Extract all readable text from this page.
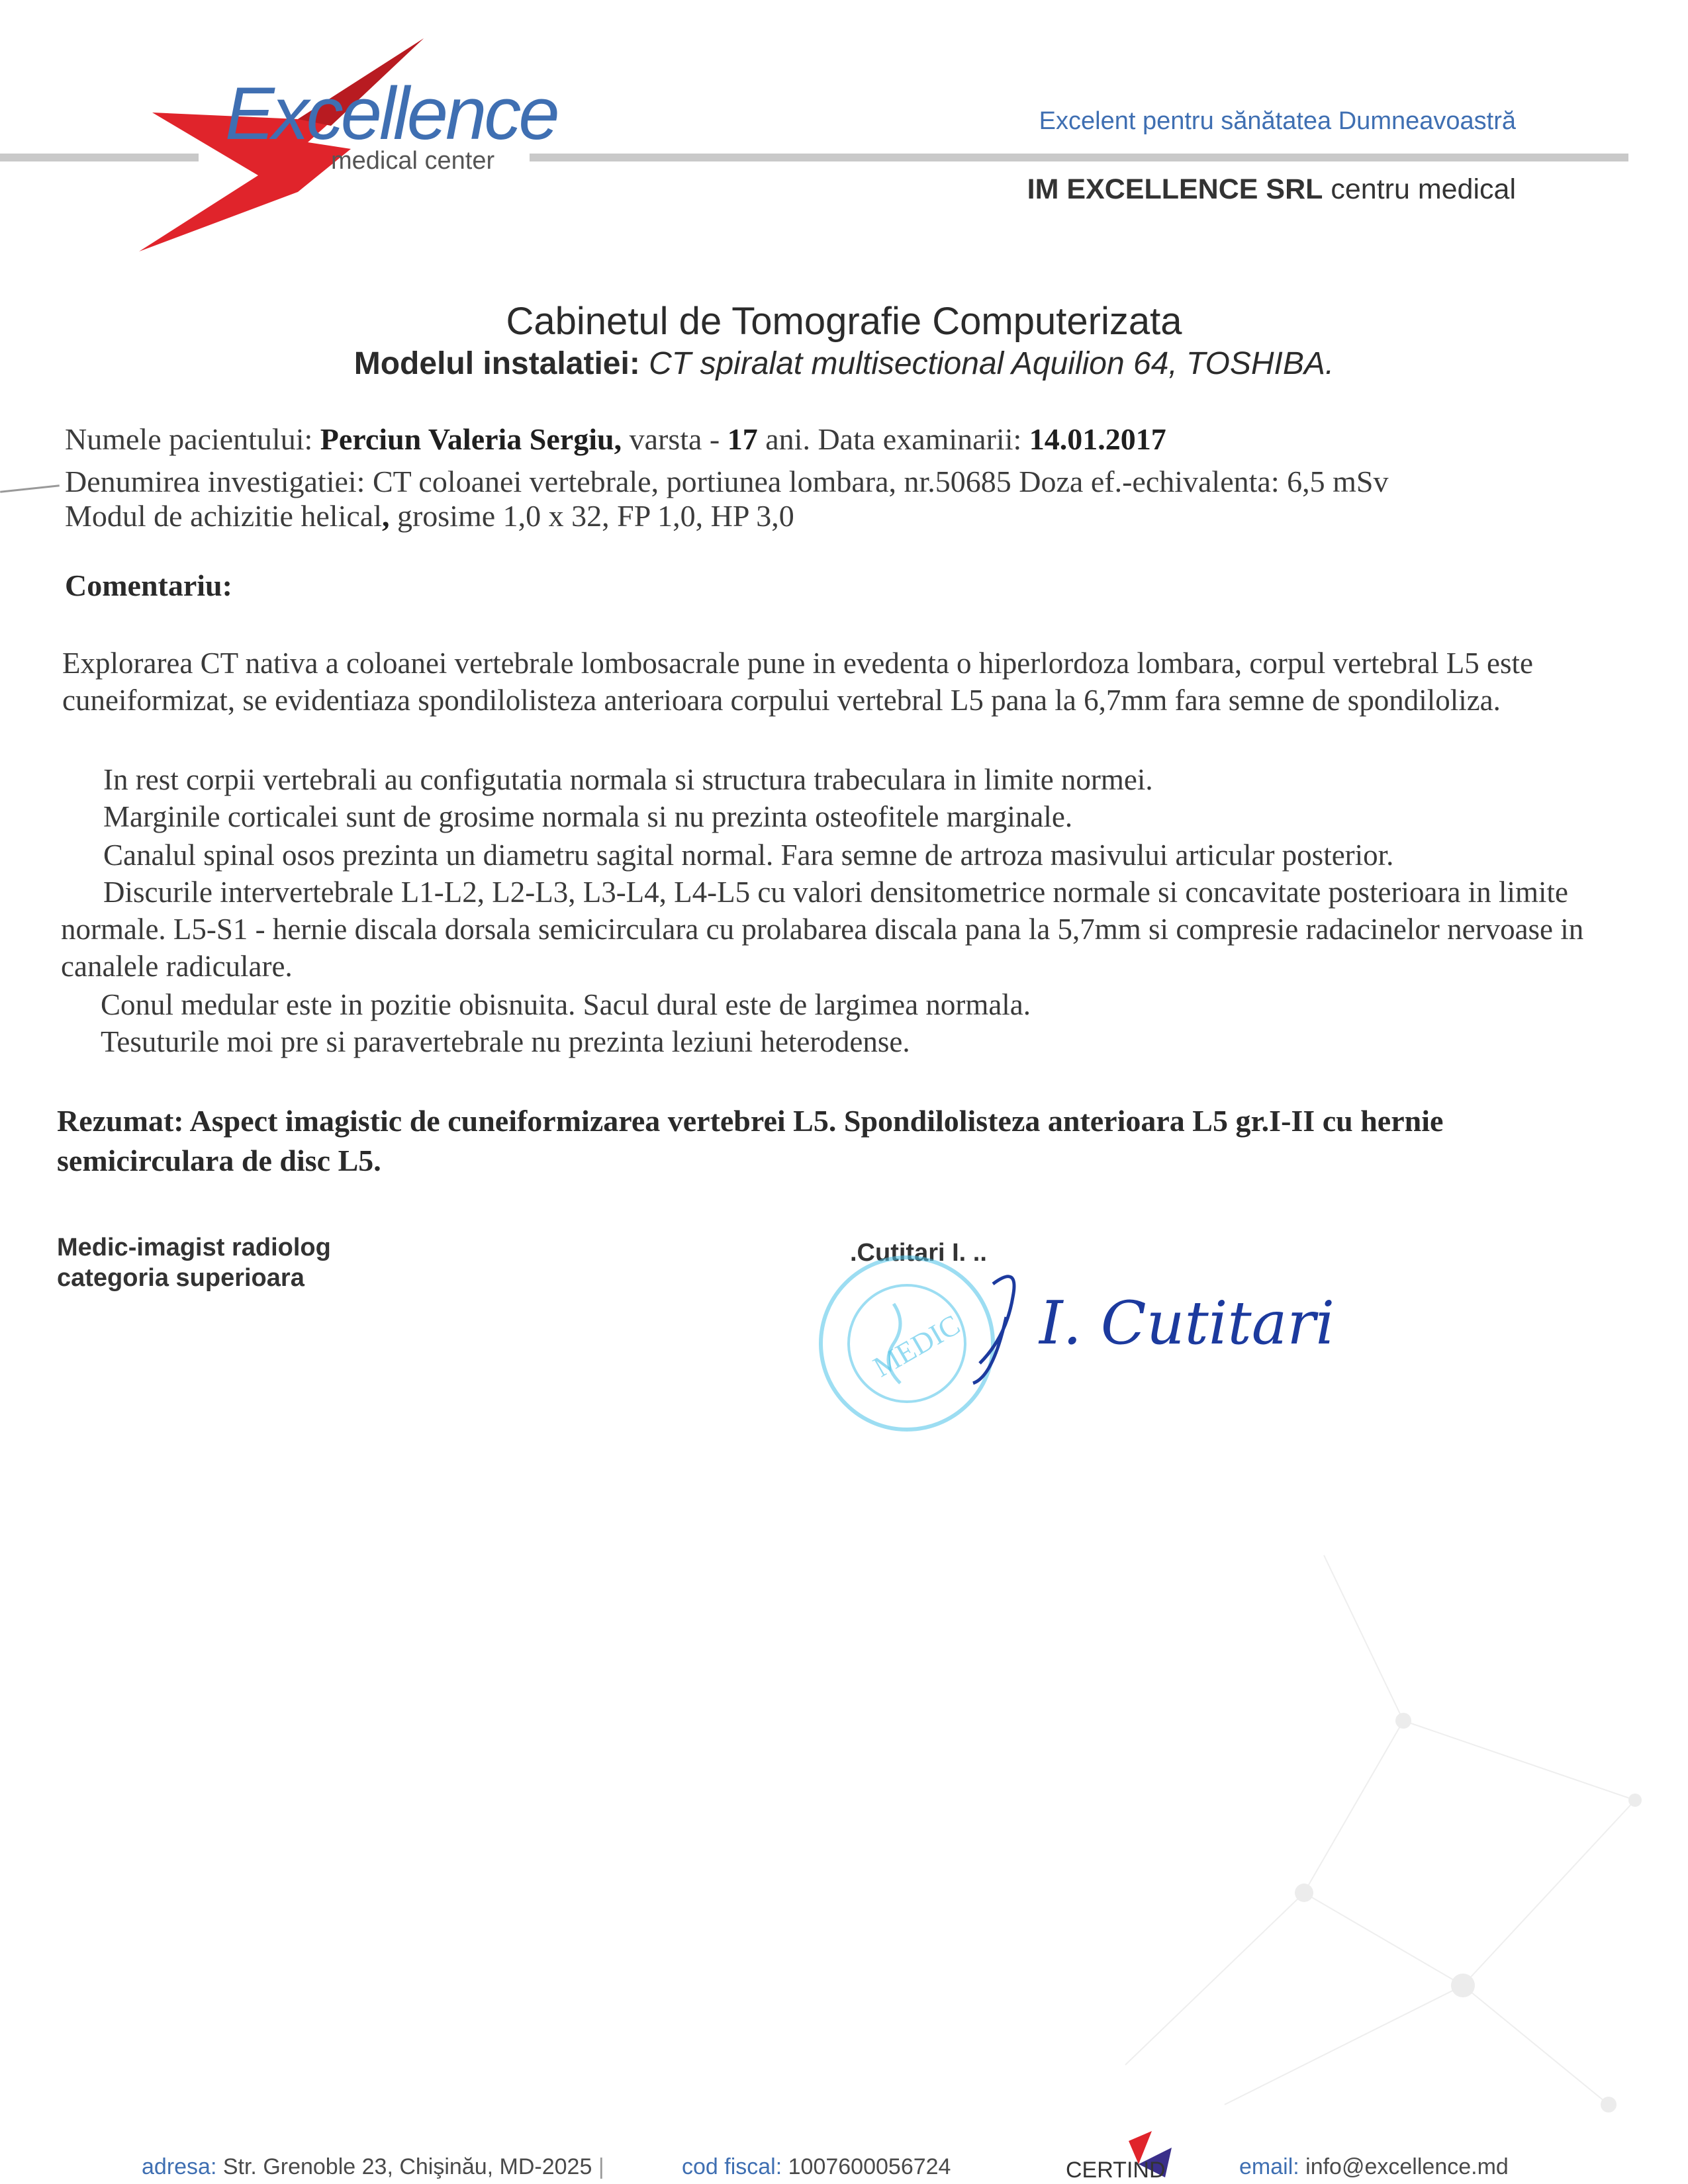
Excellence
medical center
Excelent pentru sănătatea Dumneavoastră
IM EXCELLENCE SRL centru medical
Cabinetul de Tomografie Computerizata
Modelul instalatiei: CT spiralat multisectional Aquilion 64, TOSHIBA.
Numele pacientului: Perciun Valeria Sergiu, varsta - 17 ani. Data examinarii: 14.01.2017
Denumirea investigatiei: CT coloanei vertebrale, portiunea lombara, nr.50685 Doza ef.-echivalenta: 6,5 mSv
Modul de achizitie helical, grosime 1,0 x 32, FP 1,0, HP 3,0
Comentariu:
Explorarea CT nativa a coloanei vertebrale lombosacrale pune in evedenta o hiperlordoza lombara, corpul vertebral L5 este cuneiformizat, se evidentiaza spondilolisteza anterioara corpului vertebral L5 pana la 6,7mm fara semne de spondiloliza.
In rest corpii vertebrali au configutatia normala si structura trabeculara in limite normei.
Marginile corticalei sunt de grosime normala si nu prezinta osteofitele marginale.
Canalul spinal osos prezinta un diametru sagital normal. Fara semne de artroza masivului articular posterior.
Discurile intervertebrale L1-L2, L2-L3, L3-L4, L4-L5 cu valori densitometrice normale si concavitate posterioara in limite normale. L5-S1 - hernie discala dorsala semicirculara cu prolabarea discala pana la 5,7mm si compresie radacinelor nervoase in canalele radiculare.
Conul medular este in pozitie obisnuita. Sacul dural este de largimea normala.
Tesuturile moi pre si paravertebrale nu prezinta leziuni heterodense.
Rezumat: Aspect imagistic de cuneiformizarea vertebrei L5. Spondilolisteza anterioara L5 gr.I-II cu hernie semicirculara de disc L5.
Medic-imagist radiolog
categoria superioara
.Cutitari I. ..
MEDIC I. Cutitari
adresa: Str. Grenoble 23, Chişinău, MD-2025 |	cod fiscal: 1007600056724	CERTIND	email: info@excellence.md
